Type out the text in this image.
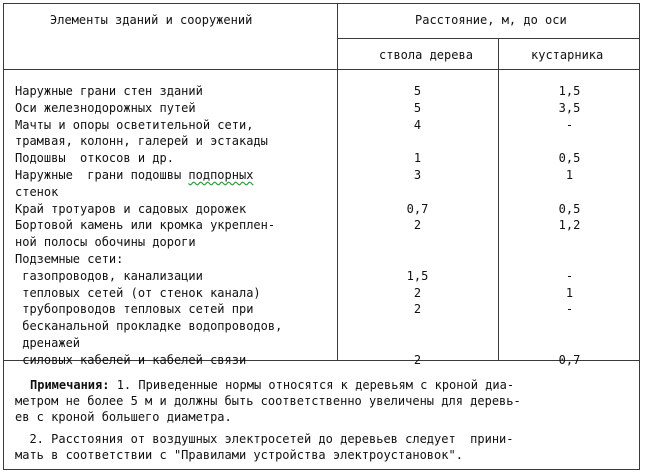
Элементы зданий и сооружений	Расстояние, м, до оси
ствола дерева	кустарника
Наружные грани стен зданий	5	1,5
Оси железнодорожных путей	5	3,5
Мачты и опоры осветительной сети,	4	-
трамвая, колонн, галерей и эстакады
Подошвы  откосов и др.	1	0,5
Наружные  грани подошвы подпорных	3	1
стенок
Край тротуаров и садовых дорожек	0,7	0,5
Бортовой камень или кромка укреплен-	2	1,2
ной полосы обочины дороги
Подземные сети:
газопроводов, канализации	1,5	-
тепловых сетей (от стенок канала)	2	1
трубопроводов тепловых сетей при	2	-
бесканальной прокладке водопроводов,
дренажей
силовых кабелей и кабелей связи	2	0,7
Примечания: 1. Приведенные нормы относятся к деревьям с кроной диа-
метром не более 5 м и должны быть соответственно увеличены для деревь-
ев с кроной большего диаметра.
2. Расстояния от воздушных электросетей до деревьев следует  прини-
мать в соответствии с "Правилами устройства электроустановок".
